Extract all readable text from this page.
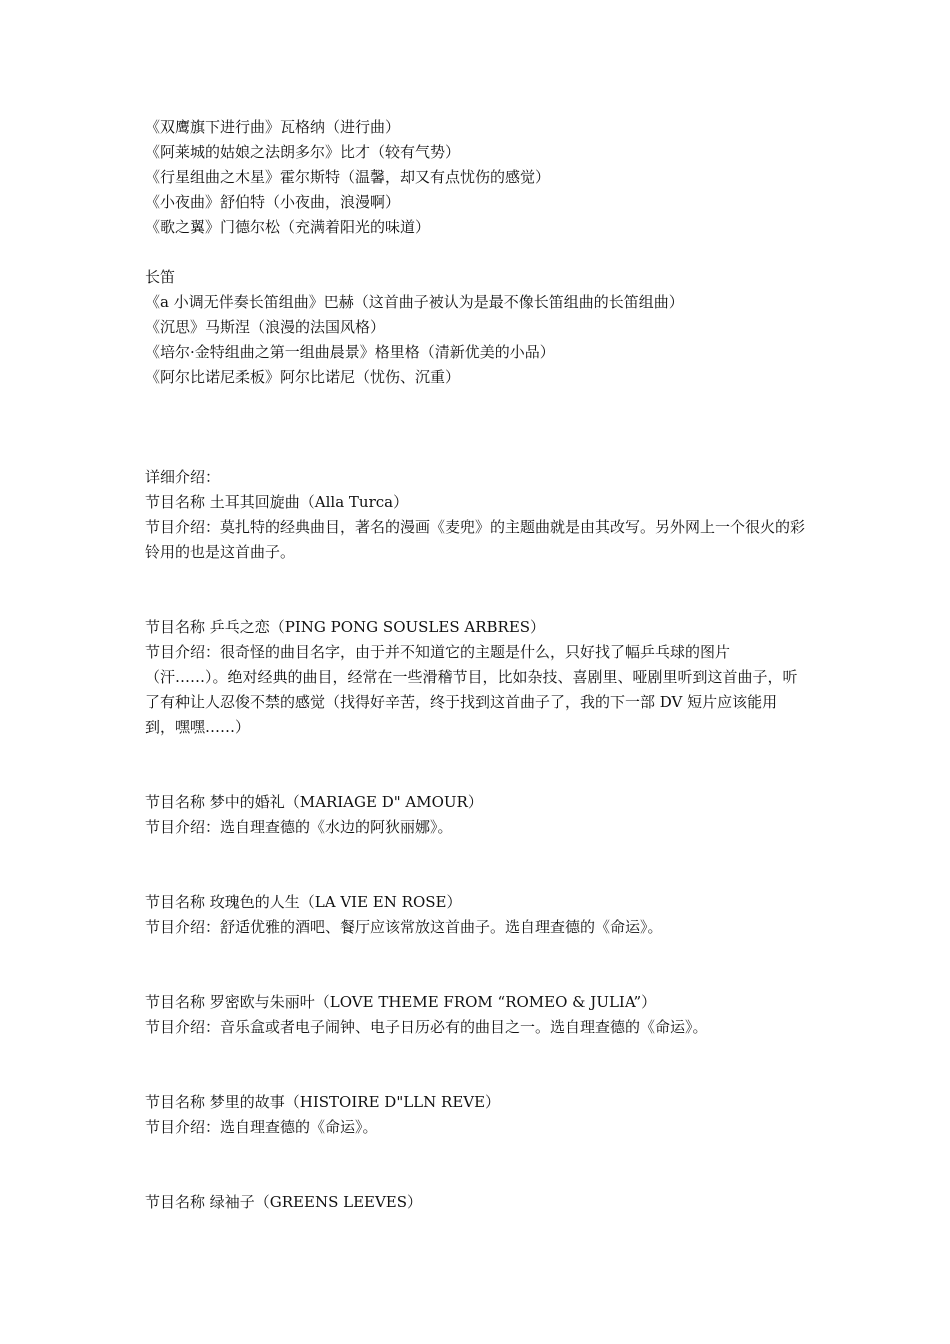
《双鹰旗下进行曲》瓦格纳（进行曲）
《阿莱城的姑娘之法朗多尔》比才（较有气势）
《行星组曲之木星》霍尔斯特（温馨，却又有点忧伤的感觉）
《小夜曲》舒伯特（小夜曲，浪漫啊）
《歌之翼》门德尔松（充满着阳光的味道）
长笛
《a 小调无伴奏长笛组曲》巴赫（这首曲子被认为是最不像长笛组曲的长笛组曲）
《沉思》马斯涅（浪漫的法国风格）
《培尔·金特组曲之第一组曲晨景》格里格（清新优美的小品）
《阿尔比诺尼柔板》阿尔比诺尼（忧伤、沉重）
详细介绍：
节目名称 土耳其回旋曲（Alla Turca）
节目介绍：莫扎特的经典曲目，著名的漫画《麦兜》的主题曲就是由其改写。另外网上一个很火的彩铃用的也是这首曲子。
节目名称 乒乓之恋（PING PONG SOUSLES ARBRES）
节目介绍：很奇怪的曲目名字，由于并不知道它的主题是什么，只好找了幅乒乓球的图片（汗……）。绝对经典的曲目，经常在一些滑稽节目，比如杂技、喜剧里、哑剧里听到这首曲子，听了有种让人忍俊不禁的感觉（找得好辛苦，终于找到这首曲子了，我的下一部 DV 短片应该能用到，嘿嘿……）
节目名称 梦中的婚礼（MARIAGE D" AMOUR）
节目介绍：选自理查德的《水边的阿狄丽娜》。
节目名称 玫瑰色的人生（LA VIE EN ROSE）
节目介绍：舒适优雅的酒吧、餐厅应该常放这首曲子。选自理查德的《命运》。
节目名称 罗密欧与朱丽叶（LOVE THEME FROM “ROMEO & JULIA”）
节目介绍：音乐盒或者电子闹钟、电子日历必有的曲目之一。选自理查德的《命运》。
节目名称 梦里的故事（HISTOIRE D"LLN REVE）
节目介绍：选自理查德的《命运》。
节目名称 绿袖子（GREENS LEEVES）
